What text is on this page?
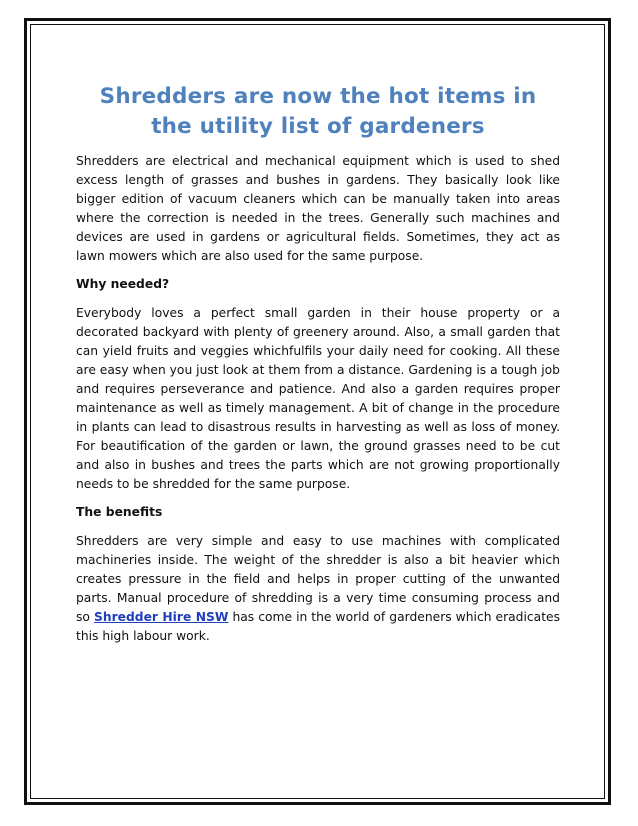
Shredders are now the hot items in the utility list of gardeners

Shredders are electrical and mechanical equipment which is used to shed excess length of grasses and bushes in gardens. They basically look like bigger edition of vacuum cleaners which can be manually taken into areas where the correction is needed in the trees. Generally such machines and devices are used in gardens or agricultural fields. Sometimes, they act as lawn mowers which are also used for the same purpose.

Why needed?

Everybody loves a perfect small garden in their house property or a decorated backyard with plenty of greenery around. Also, a small garden that can yield fruits and veggies whichfulfils your daily need for cooking. All these are easy when you just look at them from a distance. Gardening is a tough job and requires perseverance and patience. And also a garden requires proper maintenance as well as timely management. A bit of change in the procedure in plants can lead to disastrous results in harvesting as well as loss of money. For beautification of the garden or lawn, the ground grasses need to be cut and also in bushes and trees the parts which are not growing proportionally needs to be shredded for the same purpose.

The benefits

Shredders are very simple and easy to use machines with complicated machineries inside. The weight of the shredder is also a bit heavier which creates pressure in the field and helps in proper cutting of the unwanted parts. Manual procedure of shredding is a very time consuming process and so Shredder Hire NSW has come in the world of gardeners which eradicates this high labour work.
